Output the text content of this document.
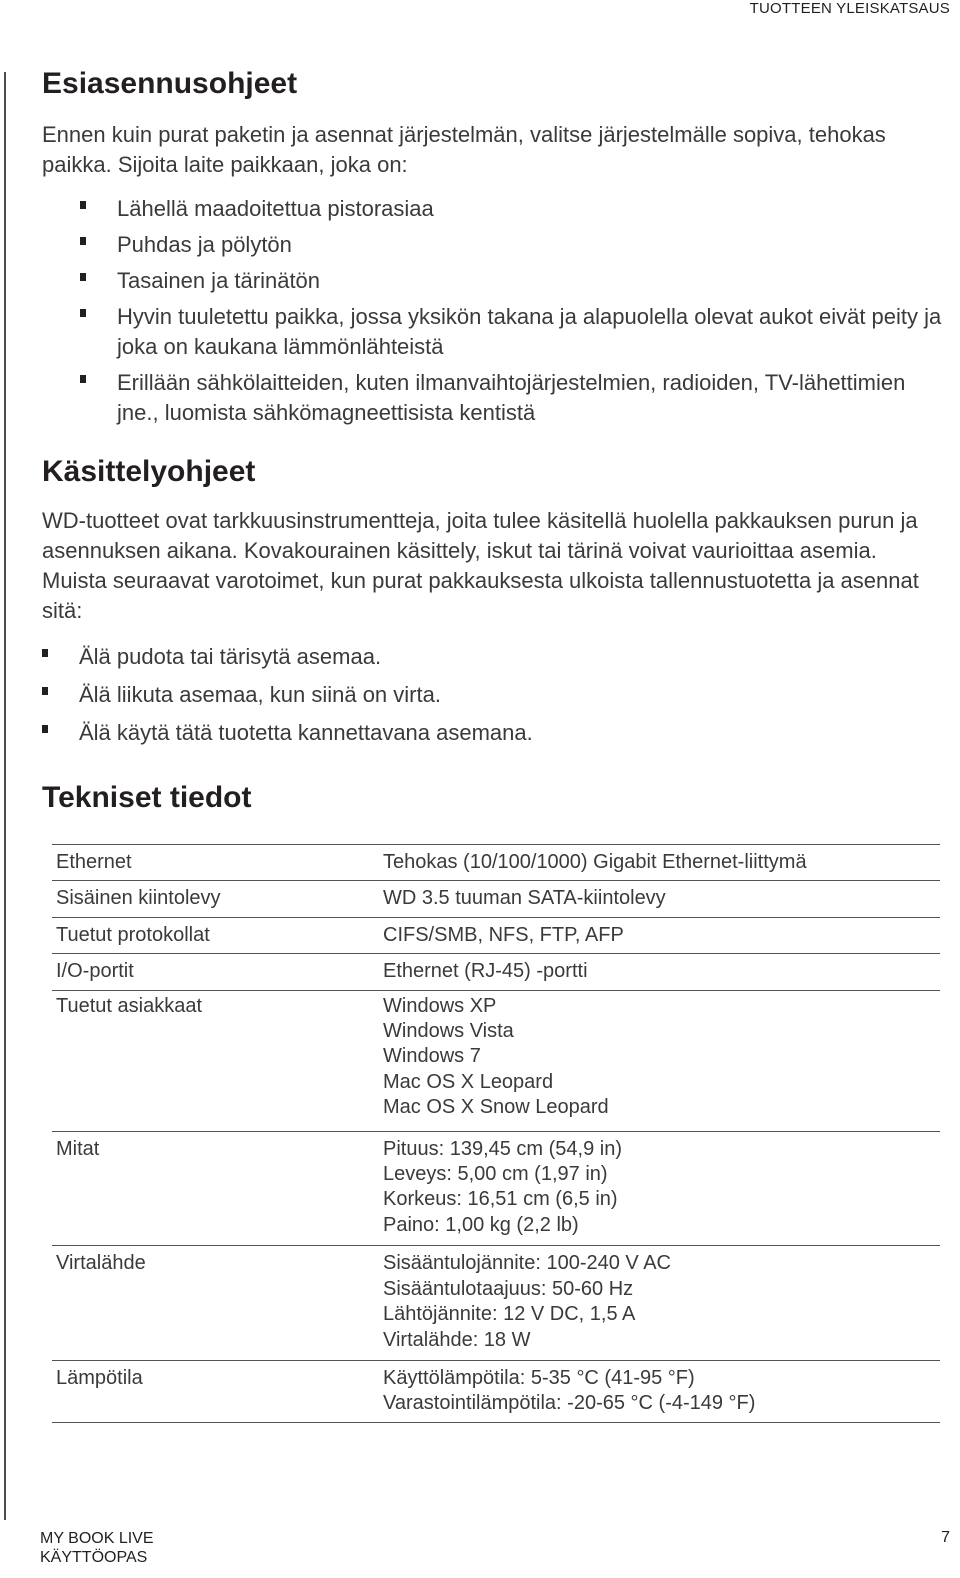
TUOTTEEN YLEISKATSAUS
Esiasennusohjeet

Ennen kuin purat paketin ja asennat järjestelmän, valitse järjestelmälle sopiva, tehokas paikka. Sijoita laite paikkaan, joka on:

Lähellä maadoitettua pistorasiaa
Puhdas ja pölytön
Tasainen ja tärinätön
Hyvin tuuletettu paikka, jossa yksikön takana ja alapuolella olevat aukot eivät peity ja joka on kaukana lämmönlähteistä
Erillään sähkölaitteiden, kuten ilmanvaihtojärjestelmien, radioiden, TV-lähettimien jne., luomista sähkömagneettisista kentistä
Käsittelyohjeet

WD-tuotteet ovat tarkkuusinstrumentteja, joita tulee käsitellä huolella pakkauksen purun ja asennuksen aikana. Kovakourainen käsittely, iskut tai tärinä voivat vaurioittaa asemia. Muista seuraavat varotoimet, kun purat pakkauksesta ulkoista tallennustuotetta ja asennat sitä:

Älä pudota tai tärisytä asemaa.
Älä liikuta asemaa, kun siinä on virta.
Älä käytä tätä tuotetta kannettavana asemana.
Tekniset tiedot
Ethernet	Tehokas (10/100/1000) Gigabit Ethernet-liittymä

Sisäinen kiintolevy	WD 3.5 tuuman SATA-kiintolevy

Tuetut protokollat	CIFS/SMB, NFS, FTP, AFP

I/O-portit	Ethernet (RJ-45) -portti

Tuetut asiakkaat	Windows XP
Windows Vista
Windows 7
Mac OS X Leopard
Mac OS X Snow Leopard

Mitat	Pituus: 139,45 cm (54,9 in)
Leveys: 5,00 cm (1,97 in)
Korkeus: 16,51 cm (6,5 in)
Paino: 1,00 kg (2,2 lb)

Virtalähde	Sisääntulojännite: 100-240 V AC
Sisääntulotaajuus: 50-60 Hz
Lähtöjännite: 12 V DC, 1,5 A
Virtalähde: 18 W

Lämpötila	Käyttölämpötila: 5-35 °C (41-95 °F)
Varastointilämpötila: -20-65 °C (-4-149 °F)
MY BOOK LIVE
KÄYTTÖOPAS
7
